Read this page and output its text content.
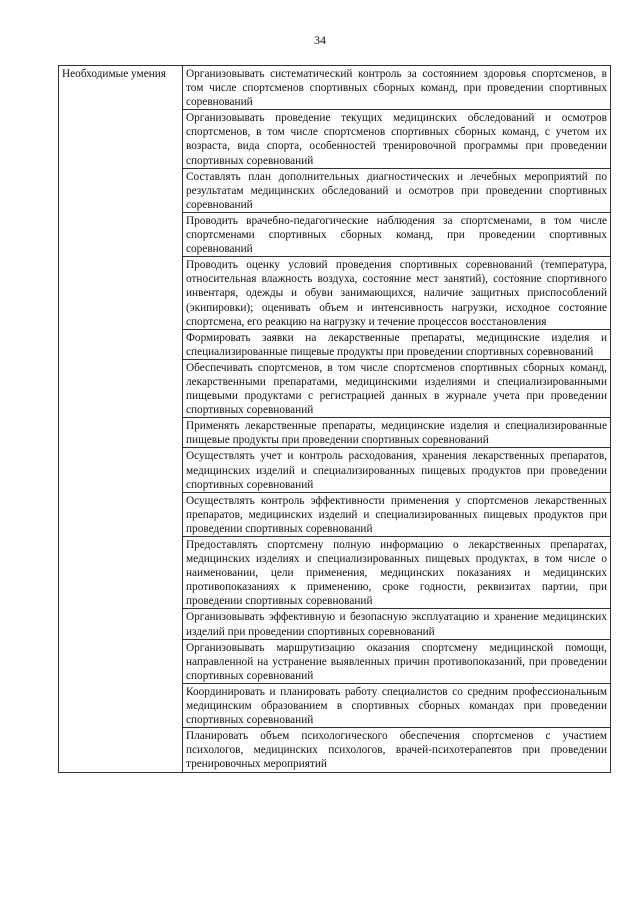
34
Необходимые умения	Организовывать систематический контроль за состоянием здоровья спортсменов, в том числе спортсменов спортивных сборных команд, при проведении спортивных соревнований
Организовывать проведение текущих медицинских обследований и осмотров спортсменов, в том числе спортсменов спортивных сборных команд, с учетом их возраста, вида спорта, особенностей тренировочной программы при проведении спортивных соревнований
Составлять план дополнительных диагностических и лечебных мероприятий по результатам медицинских обследований и осмотров при проведении спортивных соревнований
Проводить врачебно-педагогические наблюдения за спортсменами, в том числе спортсменами спортивных сборных команд, при проведении спортивных соревнований
Проводить оценку условий проведения спортивных соревнований (температура, относительная влажность воздуха, состояние мест занятий), состояние спортивного инвентаря, одежды и обуви занимающихся, наличие защитных приспособлений (экипировки); оценивать объем и интенсивность нагрузки, исходное состояние спортсмена, его реакцию на нагрузку и течение процессов восстановления
Формировать заявки на лекарственные препараты, медицинские изделия и специализированные пищевые продукты при проведении спортивных соревнований
Обеспечивать спортсменов, в том числе спортсменов спортивных сборных команд, лекарственными препаратами, медицинскими изделиями и специализированными пищевыми продуктами с регистрацией данных в журнале учета при проведении спортивных соревнований
Применять лекарственные препараты, медицинские изделия и специализированные пищевые продукты при проведении спортивных соревнований
Осуществлять учет и контроль расходования, хранения лекарственных препаратов, медицинских изделий и специализированных пищевых продуктов при проведении спортивных соревнований
Осуществлять контроль эффективности применения у спортсменов лекарственных препаратов, медицинских изделий и специализированных пищевых продуктов при проведении спортивных соревнований
Предоставлять спортсмену полную информацию о лекарственных препаратах, медицинских изделиях и специализированных пищевых продуктах, в том числе о наименовании, цели применения, медицинских показаниях и медицинских противопоказаниях к применению, сроке годности, реквизитах партии, при проведении спортивных соревнований
Организовывать эффективную и безопасную эксплуатацию и хранение медицинских изделий при проведении спортивных соревнований
Организовывать маршрутизацию оказания спортсмену медицинской помощи, направленной на устранение выявленных причин противопоказаний, при проведении спортивных соревнований
Координировать и планировать работу специалистов со средним профессиональным медицинским образованием в спортивных сборных командах при проведении спортивных соревнований
Планировать объем психологического обеспечения спортсменов с участием психологов, медицинских психологов, врачей-психотерапевтов при проведении тренировочных мероприятий
